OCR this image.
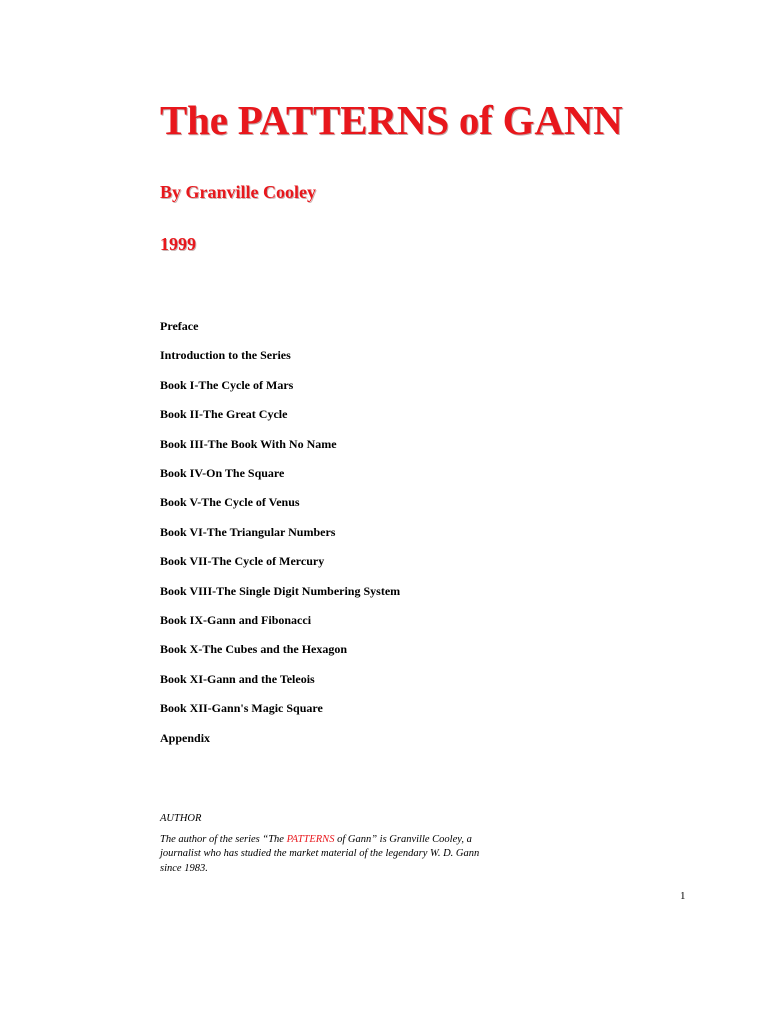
The PATTERNS of GANN
By Granville Cooley
1999
Preface
Introduction to the Series
Book I-The Cycle of Mars
Book II-The Great Cycle
Book III-The Book With No Name
Book IV-On The Square
Book V-The Cycle of Venus
Book VI-The Triangular Numbers
Book VII-The Cycle of Mercury
Book VIII-The Single Digit Numbering System
Book IX-Gann and Fibonacci
Book X-The Cubes and the Hexagon
Book XI-Gann and the Teleois
Book XII-Gann's Magic Square
Appendix

AUTHOR

The author of the series “The PATTERNS of Gann” is Granville Cooley, a journalist who has studied the market material of the legendary W. D. Gann since 1983.

1
